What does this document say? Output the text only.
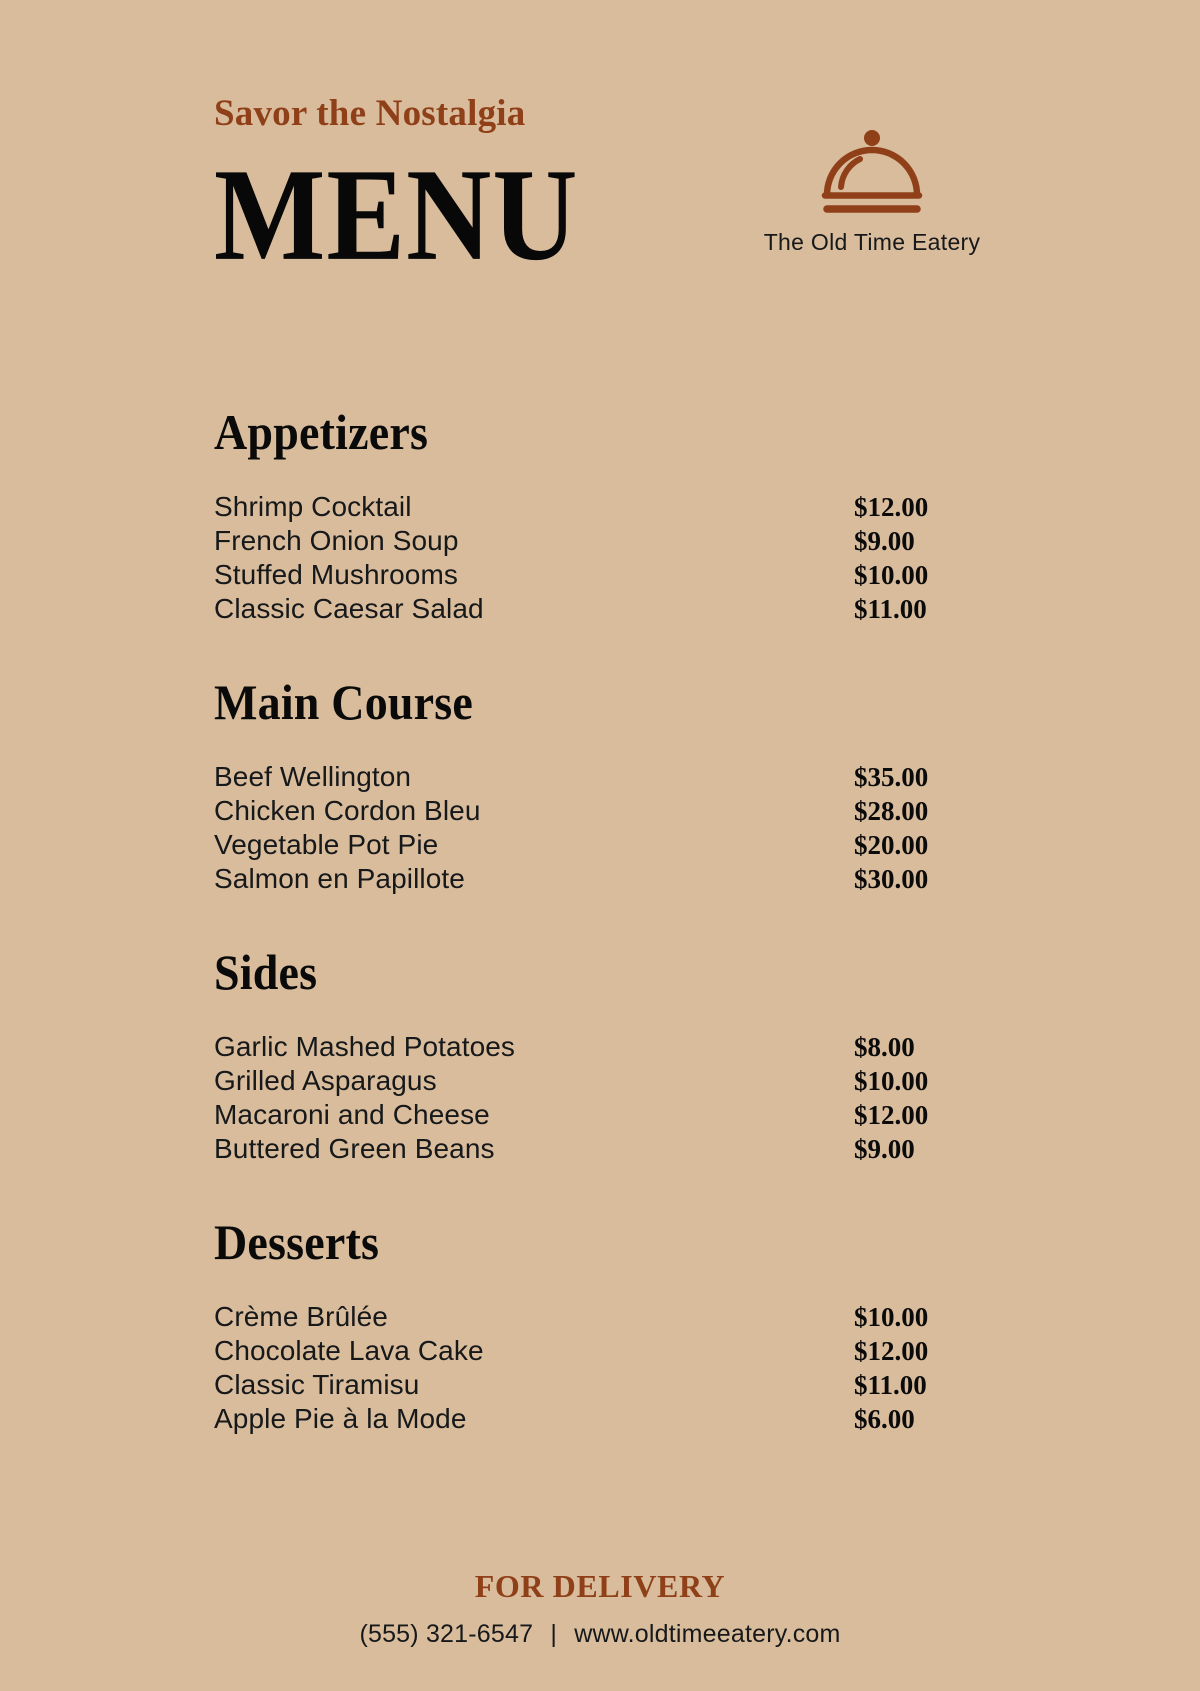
Savor the Nostalgia
MENU	The Old Time Eatery
Appetizers
Shrimp Cocktail	$12.00
French Onion Soup	$9.00
Stuffed Mushrooms	$10.00
Classic Caesar Salad	$11.00
Main Course
Beef Wellington	$35.00
Chicken Cordon Bleu	$28.00
Vegetable Pot Pie	$20.00
Salmon en Papillote	$30.00
Sides
Garlic Mashed Potatoes	$8.00
Grilled Asparagus	$10.00
Macaroni and Cheese	$12.00
Buttered Green Beans	$9.00
Desserts
Crème Brûlée	$10.00
Chocolate Lava Cake	$12.00
Classic Tiramisu	$11.00
Apple Pie à la Mode	$6.00
FOR DELIVERY
(555) 321-6547 | www.oldtimeeatery.com
